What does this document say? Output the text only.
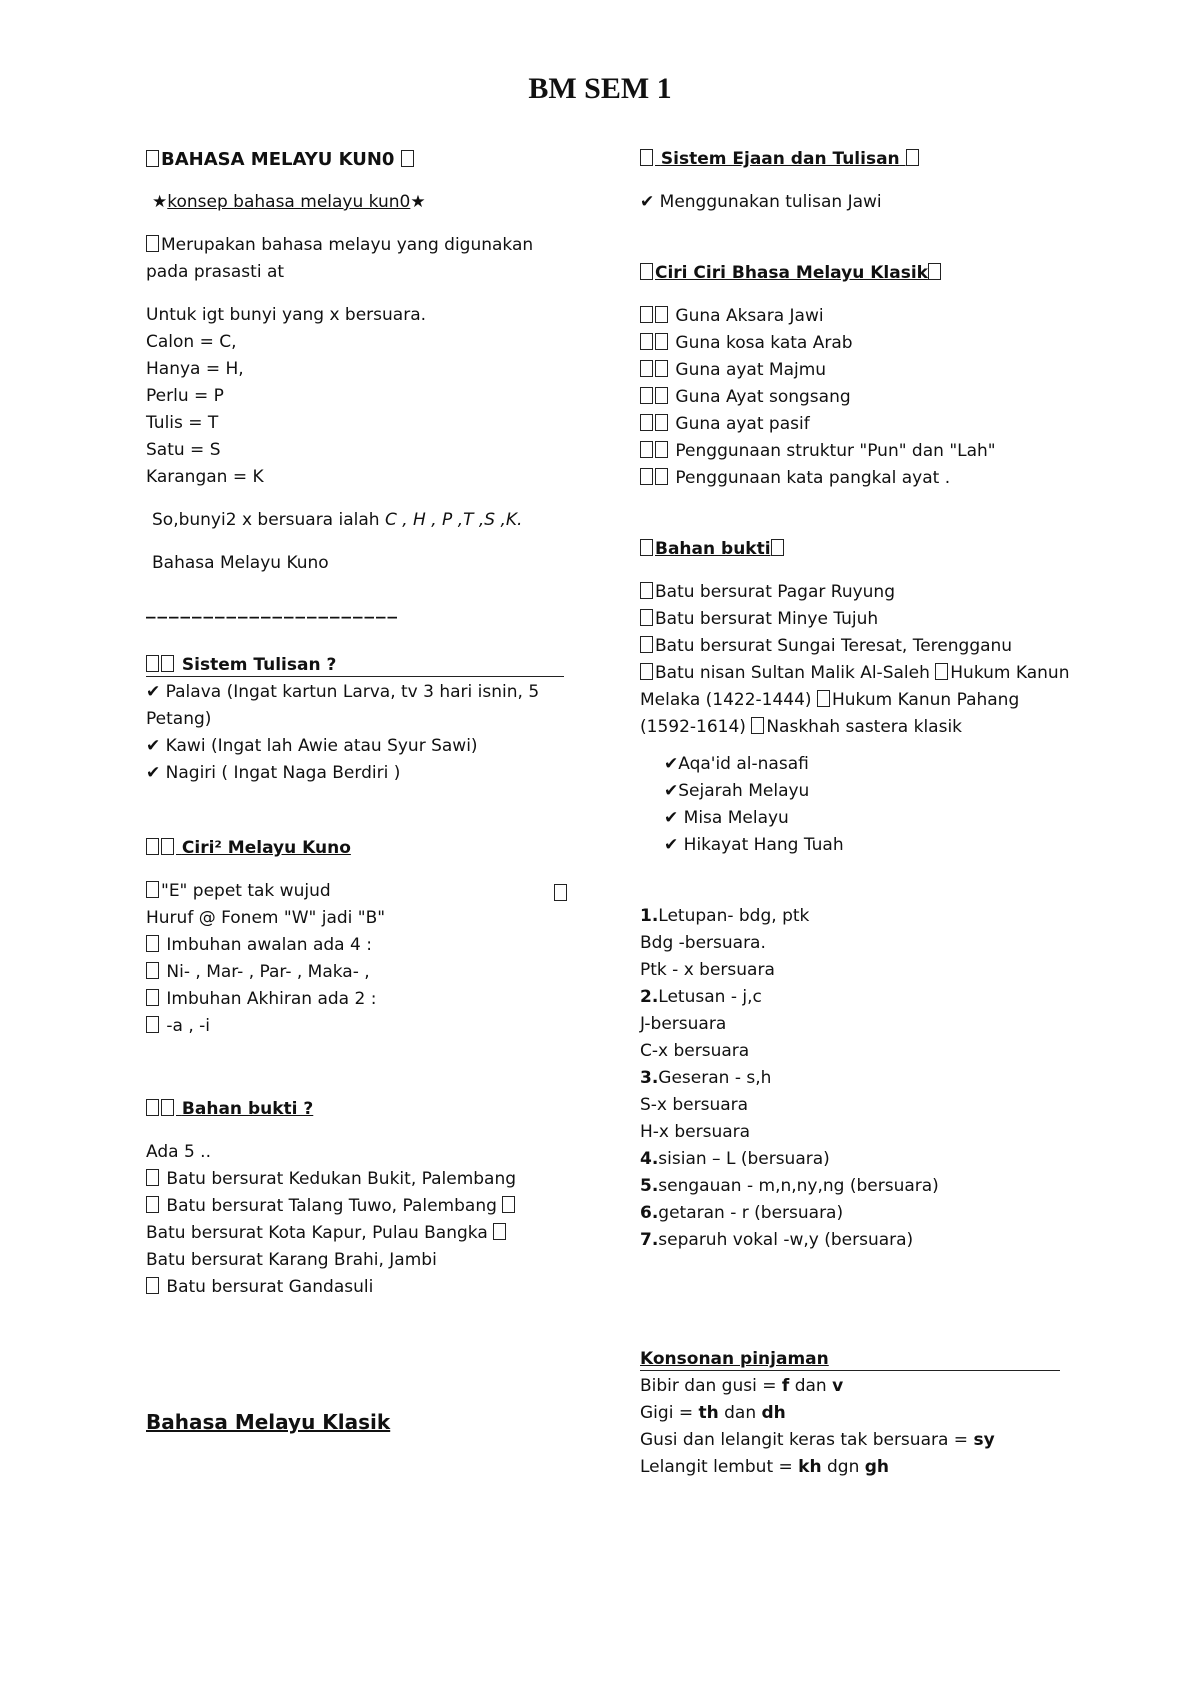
BM SEM 1
BAHASA MELAYU KUN0
★konsep bahasa melayu kun0★
Merupakan bahasa melayu yang digunakan pada prasasti at
Untuk igt bunyi yang x bersuara.
Calon = C,
Hanya = H,
Perlu = P
Tulis = T
Satu = S
Karangan = K
So,bunyi2 x bersuara ialah C , H , P ,T ,S ,K.
Bahasa Melayu Kuno
______________________
Sistem Tulisan ?
✔ Palava (Ingat kartun Larva, tv 3 hari isnin, 5 Petang)
✔ Kawi (Ingat lah Awie atau Syur Sawi)
✔ Nagiri ( Ingat Naga Berdiri )
Ciri² Melayu Kuno
"E" pepet tak wujud
Huruf @ Fonem "W" jadi "B"
Imbuhan awalan ada 4 :
Ni- , Mar- , Par- , Maka- ,
Imbuhan Akhiran ada 2 :
-a , -i
Bahan bukti ?
Ada 5 ..
Batu bersurat Kedukan Bukit, Palembang
Batu bersurat Talang Tuwo, Palembang
Batu bersurat Kota Kapur, Pulau Bangka
Batu bersurat Karang Brahi, Jambi
Batu bersurat Gandasuli
Bahasa Melayu Klasik
Sistem Ejaan dan Tulisan
✔ Menggunakan tulisan Jawi
Ciri Ciri Bhasa Melayu Klasik
Guna Aksara Jawi
Guna kosa kata Arab
Guna ayat Majmu
Guna Ayat songsang
Guna ayat pasif
Penggunaan struktur "Pun" dan "Lah"
Penggunaan kata pangkal ayat .
Bahan bukti
Batu bersurat Pagar Ruyung
Batu bersurat Minye Tujuh
Batu bersurat Sungai Teresat, Terengganu
Batu nisan Sultan Malik Al-Saleh Hukum Kanun Melaka (1422-1444) Hukum Kanun Pahang (1592-1614) Naskhah sastera klasik
✔Aqa'id al-nasafi
✔Sejarah Melayu
✔ Misa Melayu
✔ Hikayat Hang Tuah
1.Letupan- bdg, ptk
Bdg -bersuara.
Ptk - x bersuara
2.Letusan - j,c
J-bersuara
C-x bersuara
3.Geseran - s,h
S-x bersuara
H-x bersuara
4.sisian – L (bersuara)
5.sengauan - m,n,ny,ng (bersuara)
6.getaran - r (bersuara)
7.separuh vokal -w,y (bersuara)
Konsonan pinjaman
Bibir dan gusi = f dan v
Gigi = th dan dh
Gusi dan lelangit keras tak bersuara = sy
Lelangit lembut = kh dgn gh
